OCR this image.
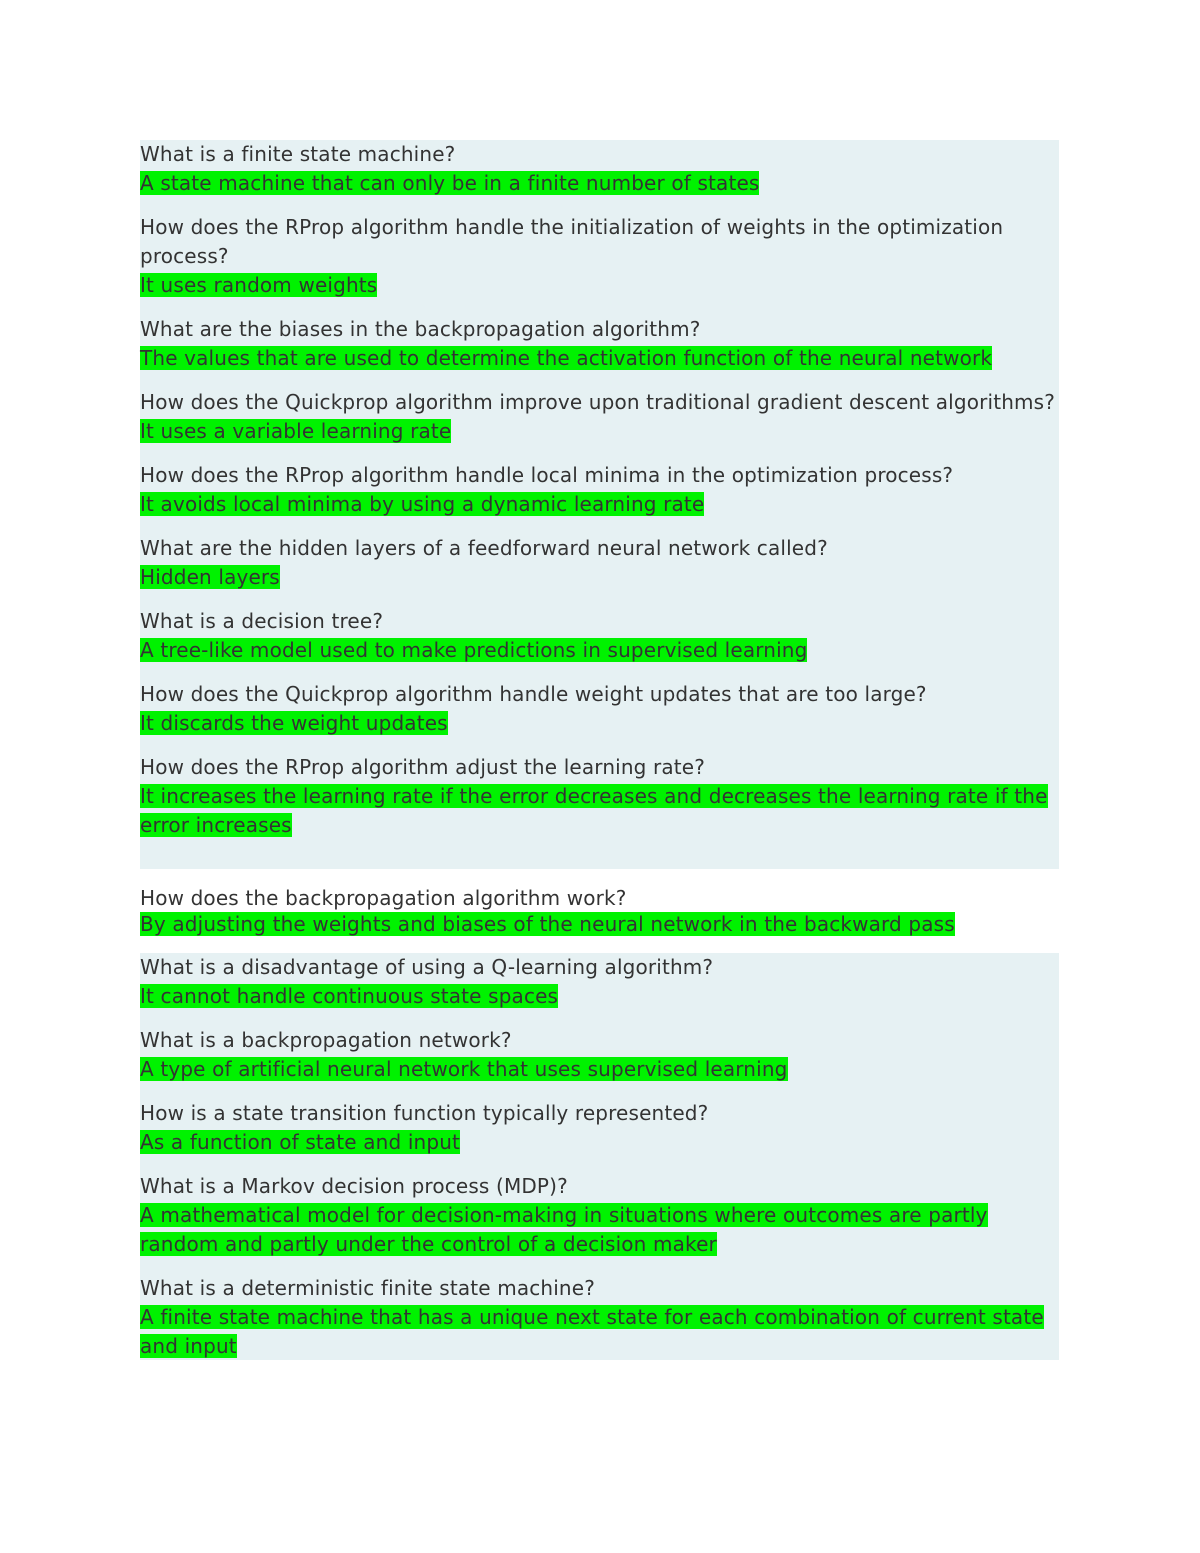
What is a finite state machine?
A state machine that can only be in a finite number of states
How does the RProp algorithm handle the initialization of weights in the optimization process?
It uses random weights
What are the biases in the backpropagation algorithm?
The values that are used to determine the activation function of the neural network
How does the Quickprop algorithm improve upon traditional gradient descent algorithms?
It uses a variable learning rate
How does the RProp algorithm handle local minima in the optimization process?
It avoids local minima by using a dynamic learning rate
What are the hidden layers of a feedforward neural network called?
Hidden layers
What is a decision tree?
A tree-like model used to make predictions in supervised learning
How does the Quickprop algorithm handle weight updates that are too large?
It discards the weight updates
How does the RProp algorithm adjust the learning rate?
It increases the learning rate if the error decreases and decreases the learning rate if the error increases
How does the backpropagation algorithm work?
By adjusting the weights and biases of the neural network in the backward pass
What is a disadvantage of using a Q-learning algorithm?
It cannot handle continuous state spaces
What is a backpropagation network?
A type of artificial neural network that uses supervised learning
How is a state transition function typically represented?
As a function of state and input
What is a Markov decision process (MDP)?
A mathematical model for decision-making in situations where outcomes are partly random and partly under the control of a decision maker
What is a deterministic finite state machine?
A finite state machine that has a unique next state for each combination of current state and input
